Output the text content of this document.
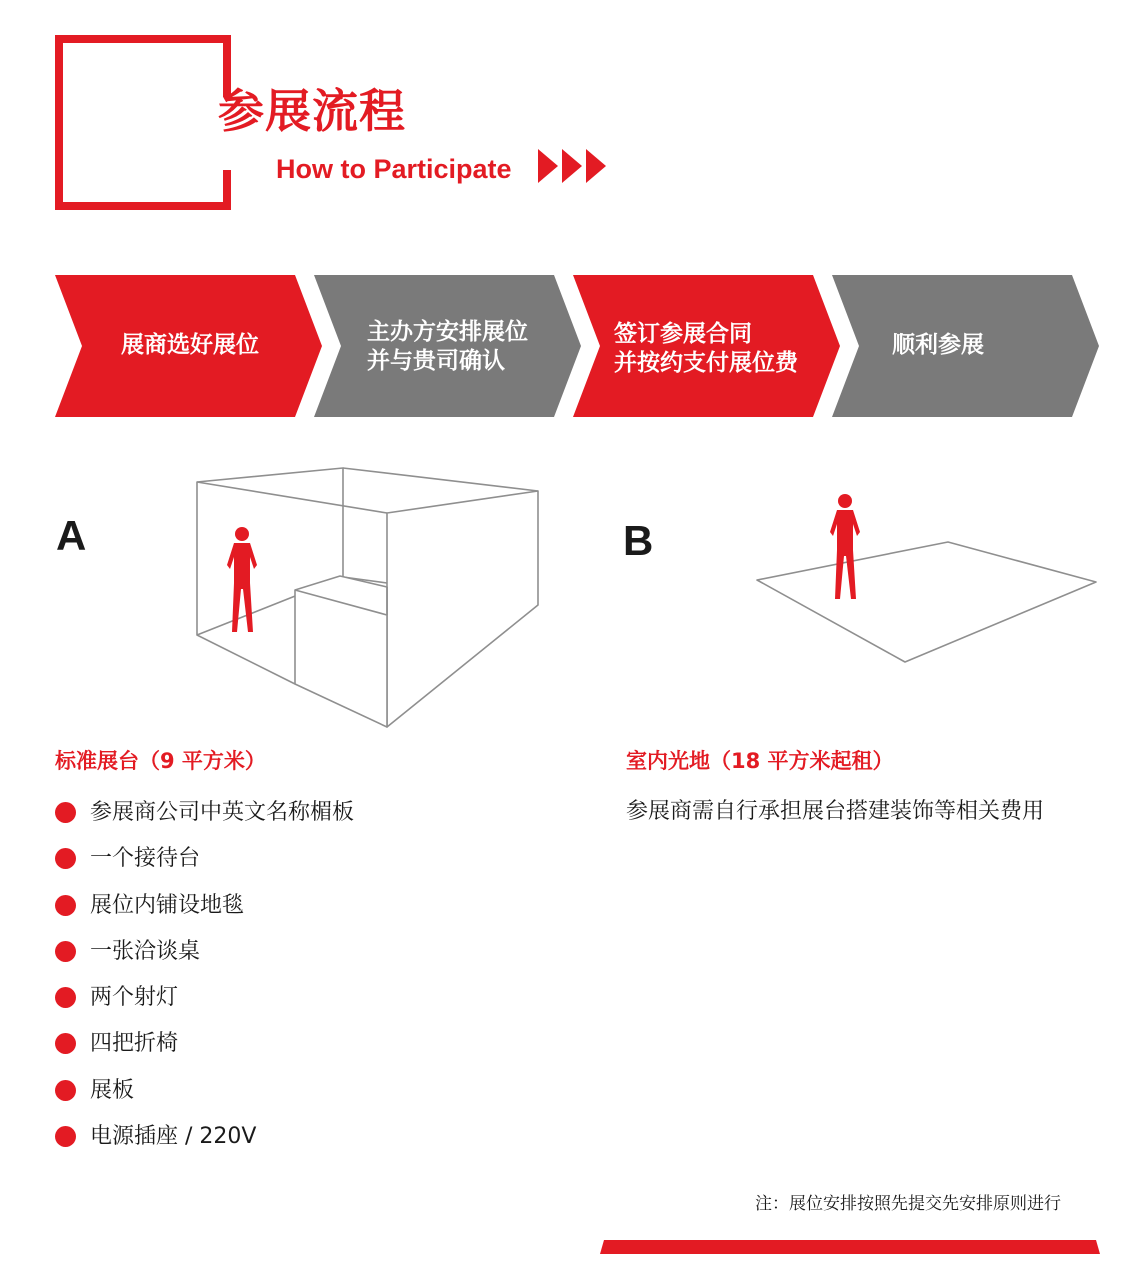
参展流程
How to Participate
展商选好展位	主办方安排展位
并与贵司确认
签订参展合同
并按约支付展位费
顺利参展
A
标准展台（9 平方米）
参展商公司中英文名称楣板
一个接待台
展位内铺设地毯
一张洽谈桌
两个射灯
四把折椅
展板
电源插座 / 220V
B
室内光地（18 平方米起租）
参展商需自行承担展台搭建装饰等相关费用
注：展位安排按照先提交先安排原则进行
